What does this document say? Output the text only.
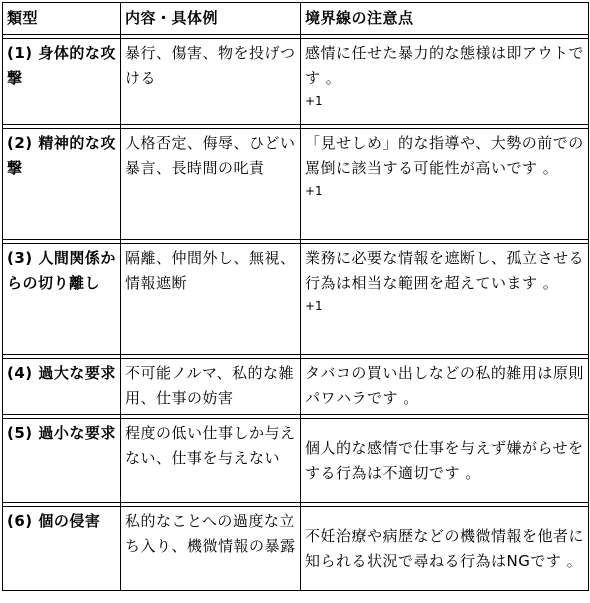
類型	内容・具体例	境界線の注意点

(1) 身体的な攻撃	暴行、傷害、物を投げつける	感情に任せた暴力的な態様は即アウトです 。
+1

(2) 精神的な攻撃	人格否定、侮辱、ひどい暴言、長時間の叱責	「見せしめ」的な指導や、大勢の前での罵倒に該当する可能性が高いです 。
+1

(3) 人間関係からの切り離し	隔離、仲間外し、無視、情報遮断	業務に必要な情報を遮断し、孤立させる行為は相当な範囲を超えています 。
+1

(4) 過大な要求	不可能ノルマ、私的な雑用、仕事の妨害	タバコの買い出しなどの私的雑用は原則パワハラです 。

(5) 過小な要求	程度の低い仕事しか与えない、仕事を与えない	個人的な感情で仕事を与えず嫌がらせをする行為は不適切です 。

(6) 個の侵害	私的なことへの過度な立ち入り、機微情報の暴露	不妊治療や病歴などの機微情報を他者に知られる状況で尋ねる行為はNGです 。
